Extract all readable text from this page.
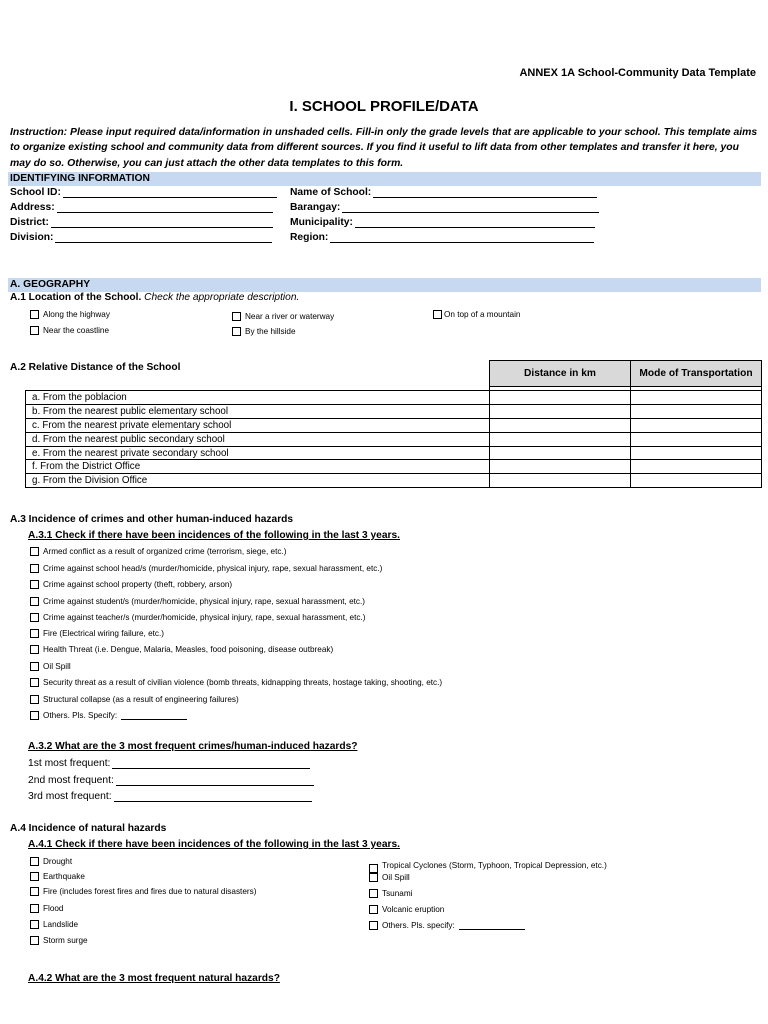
ANNEX 1A School-Community Data Template
I. SCHOOL PROFILE/DATA
Instruction: Please input required data/information in unshaded cells. Fill-in only the grade levels that are applicable to your school. This template aims to organize existing school and community data from different sources. If you find it useful to lift data from other templates and transfer it here, you may do so. Otherwise, you can just attach the other data templates to this form.
IDENTIFYING INFORMATION
School ID:
Address:
District:
Division:
Name of School:
Barangay:
Municipality:
Region:
A. GEOGRAPHY
A.1 Location of the School. Check the appropriate description.
Along the highway
Near the coastline
Near a river or waterway
By the hillside
On top of a mountain
A.2 Relative Distance of the School
	Distance in km	Mode of Transportation

a. From the poblacion		
b. From the nearest public elementary school		
c. From the nearest private elementary school		
d. From the nearest public secondary school		
e. From the nearest private secondary school		
f. From the District Office		
g. From the Division Office		
A.3 Incidence of crimes and other human-induced hazards
A.3.1 Check if there have been incidences of the following in the last 3 years.
Armed conflict as a result of organized crime (terrorism, siege, etc.)
Crime against school head/s (murder/homicide, physical injury, rape, sexual harassment, etc.)
Crime against school property (theft, robbery, arson)
Crime against student/s (murder/homicide, physical injury, rape, sexual harassment, etc.)
Crime against teacher/s (murder/homicide, physical injury, rape, sexual harassment, etc.)
Fire (Electrical wiring failure, etc.)
Health Threat (i.e. Dengue, Malaria, Measles, food poisoning, disease outbreak)
Oil Spill
Security threat as a result of civilian violence (bomb threats, kidnapping threats, hostage taking, shooting, etc.)
Structural collapse (as a result of engineering failures)
Others. Pls. Specify:
A.3.2 What are the 3 most frequent crimes/human-induced hazards?
1st most frequent:
2nd most frequent:
3rd most frequent:
A.4 Incidence of natural hazards
A.4.1 Check if there have been incidences of the following in the last 3 years.
Drought
Earthquake
Fire (includes forest fires and fires due to natural disasters)
Flood
Landslide
Storm surge
Tropical Cyclones (Storm, Typhoon, Tropical Depression, etc.)
Oil Spill
Tsunami
Volcanic eruption
Others. Pls. specify:
A.4.2 What are the 3 most frequent natural hazards?
